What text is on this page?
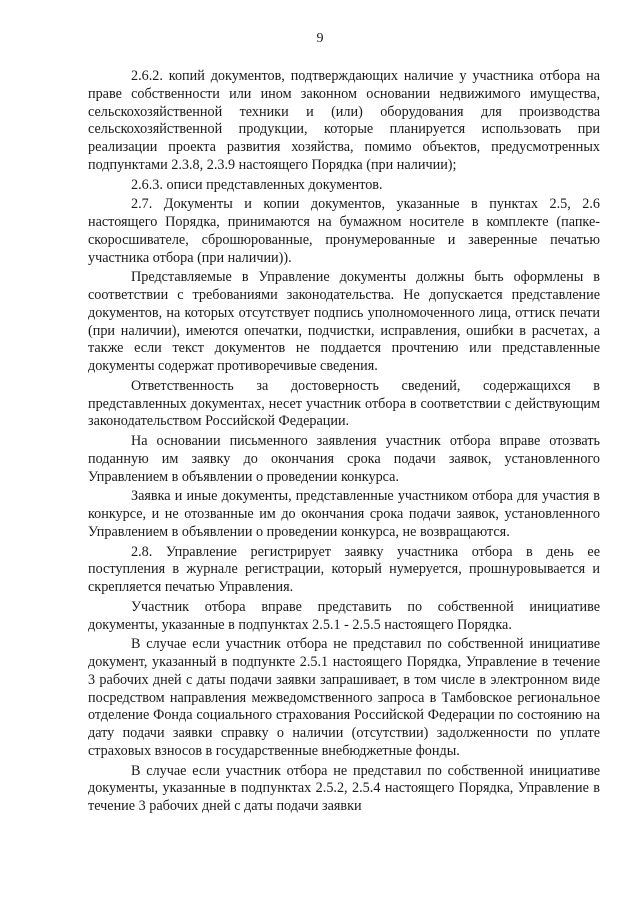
9

2.6.2. копий документов, подтверждающих наличие у участника отбора на праве собственности или ином законном основании недвижимого имущества, сельскохозяйственной техники и (или) оборудования для производства сельскохозяйственной продукции, которые планируется использовать при реализации проекта развития хозяйства, помимо объектов, предусмотренных подпунктами 2.3.8, 2.3.9 настоящего Порядка (при наличии);

2.6.3. описи представленных документов.

2.7. Документы и копии документов, указанные в пунктах 2.5, 2.6 настоящего Порядка, принимаются на бумажном носителе в комплекте (папке-скоросшивателе, сброшюрованные, пронумерованные и заверенные печатью участника отбора (при наличии)).

Представляемые в Управление документы должны быть оформлены в соответствии с требованиями законодательства. Не допускается представление документов, на которых отсутствует подпись уполномоченного лица, оттиск печати (при наличии), имеются опечатки, подчистки, исправления, ошибки в расчетах, а также если текст документов не поддается прочтению или представленные документы содержат противоречивые сведения.

Ответственность за достоверность сведений, содержащихся в представленных документах, несет участник отбора в соответствии с действующим законодательством Российской Федерации.

На основании письменного заявления участник отбора вправе отозвать поданную им заявку до окончания срока подачи заявок, установленного Управлением в объявлении о проведении конкурса.

Заявка и иные документы, представленные участником отбора для участия в конкурсе, и не отозванные им до окончания срока подачи заявок, установленного Управлением в объявлении о проведении конкурса, не возвращаются.

2.8. Управление регистрирует заявку участника отбора в день ее поступления в журнале регистрации, который нумеруется, прошнуровывается и скрепляется печатью Управления.

Участник отбора вправе представить по собственной инициативе документы, указанные в подпунктах 2.5.1 - 2.5.5 настоящего Порядка.

В случае если участник отбора не представил по собственной инициативе документ, указанный в подпункте 2.5.1 настоящего Порядка, Управление в течение 3 рабочих дней с даты подачи заявки запрашивает, в том числе в электронном виде посредством направления межведомственного запроса в Тамбовское региональное отделение Фонда социального страхования Российской Федерации по состоянию на дату подачи заявки справку о наличии (отсутствии) задолженности по уплате страховых взносов в государственные внебюджетные фонды.

В случае если участник отбора не представил по собственной инициативе документы, указанные в подпунктах 2.5.2, 2.5.4 настоящего Порядка, Управление в течение 3 рабочих дней с даты подачи заявки
